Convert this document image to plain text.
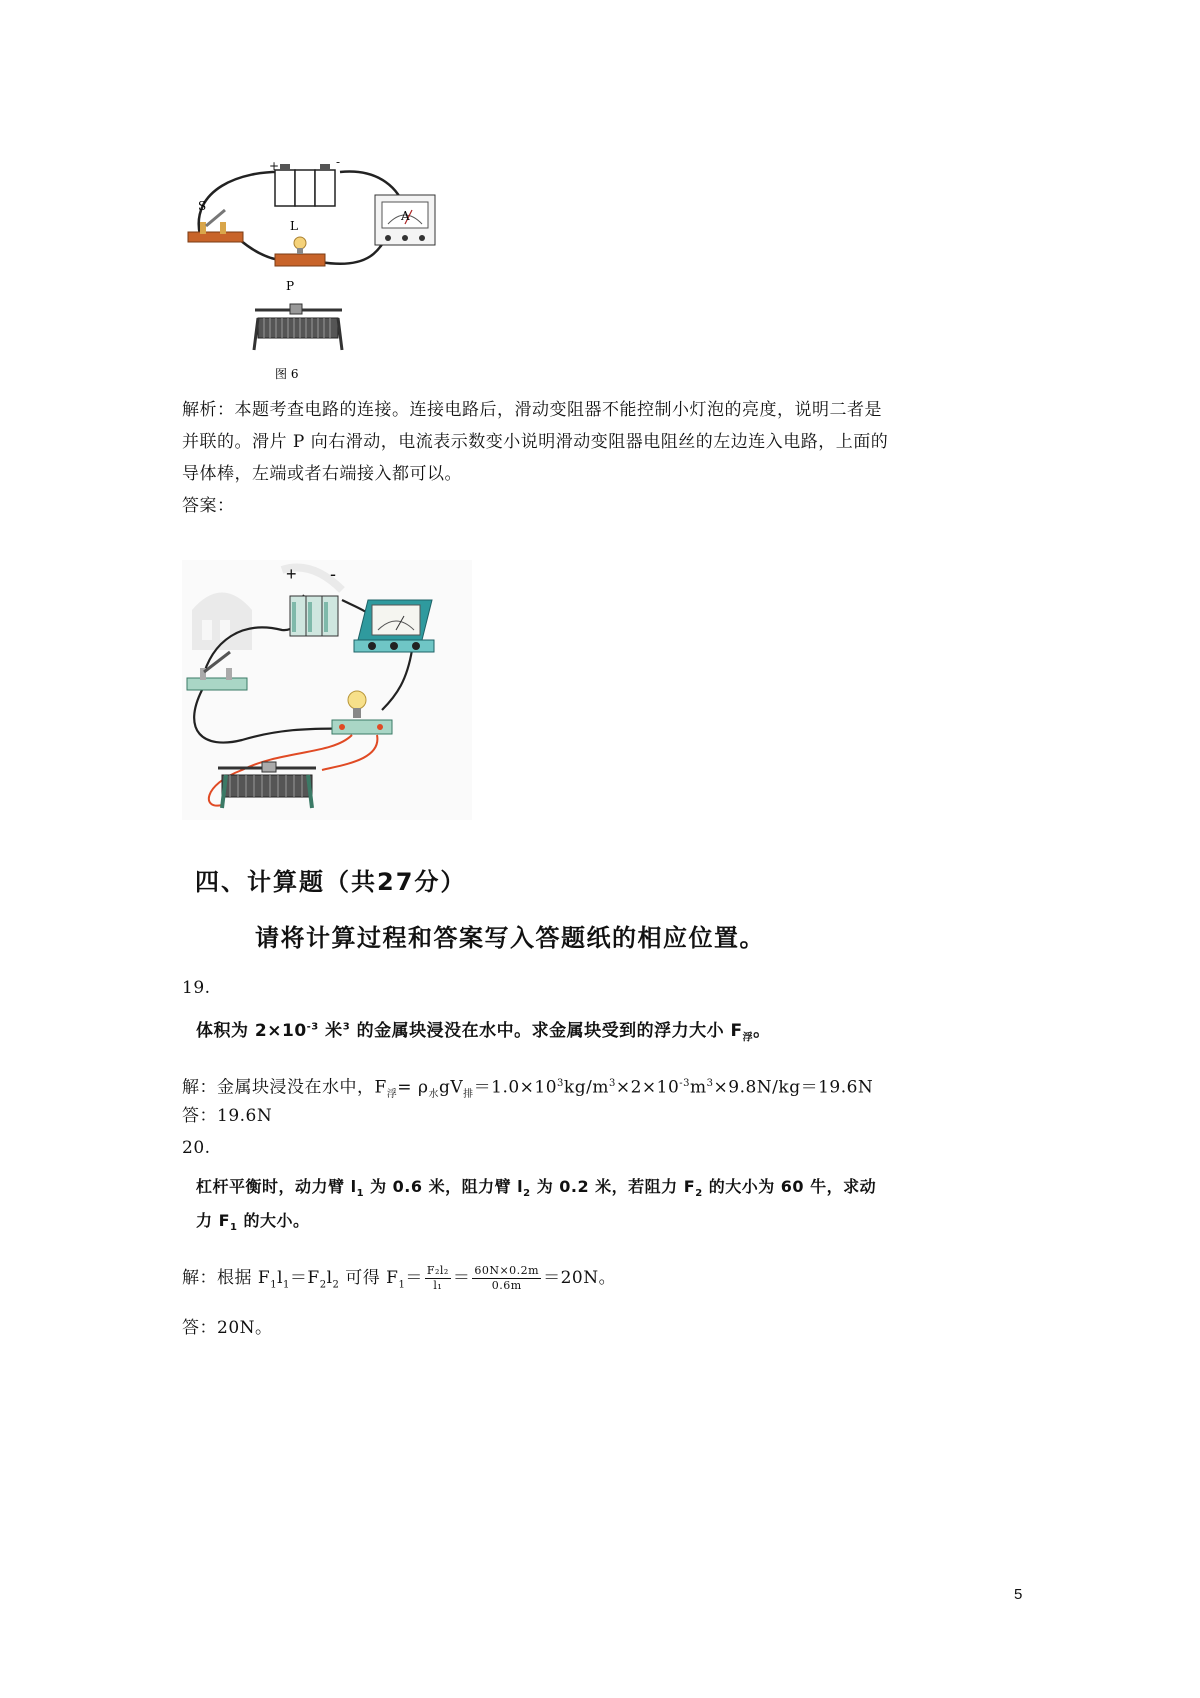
+	-
S
A
L
P
图 6
解析：本题考查电路的连接。连接电路后，滑动变阻器不能控制小灯泡的亮度，说明二者是
并联的。滑片 P 向右滑动，电流表示数变小说明滑动变阻器电阻丝的左边连入电路，上面的
导体棒，左端或者右端接入都可以。
答案：
+ -
四、计算题（共27分）
请将计算过程和答案写入答题纸的相应位置。
19.
体积为 $2\times 10^{-3}$ 米$^3$ 的金属块浸没在水中。求金属块受到的浮力大小 $F_浮$。
解：金属块浸没在水中，$F_浮= \rho_水gV_排=1.0\times 10^3kg/m^3\times 2\times 10^{-3}m^3\times 9.8N/kg=19.6N$
答：19.6N
20.
杠杆平衡时，动力臂 $l_1$ 为 0.6 米，阻力臂 $l_2$ 为 0.2 米，若阻力 $F_2$ 的大小为 60 牛，求动
力 $F_1$ 的大小。
解：根据 $F_1l_1=F_2l_2$ 可得 $F_1= \frac{\text{F₂l₂}}{\text{l₁}} = \frac{60N\times 0.2m}{0.6m} =20N$。
答：20N。
5
